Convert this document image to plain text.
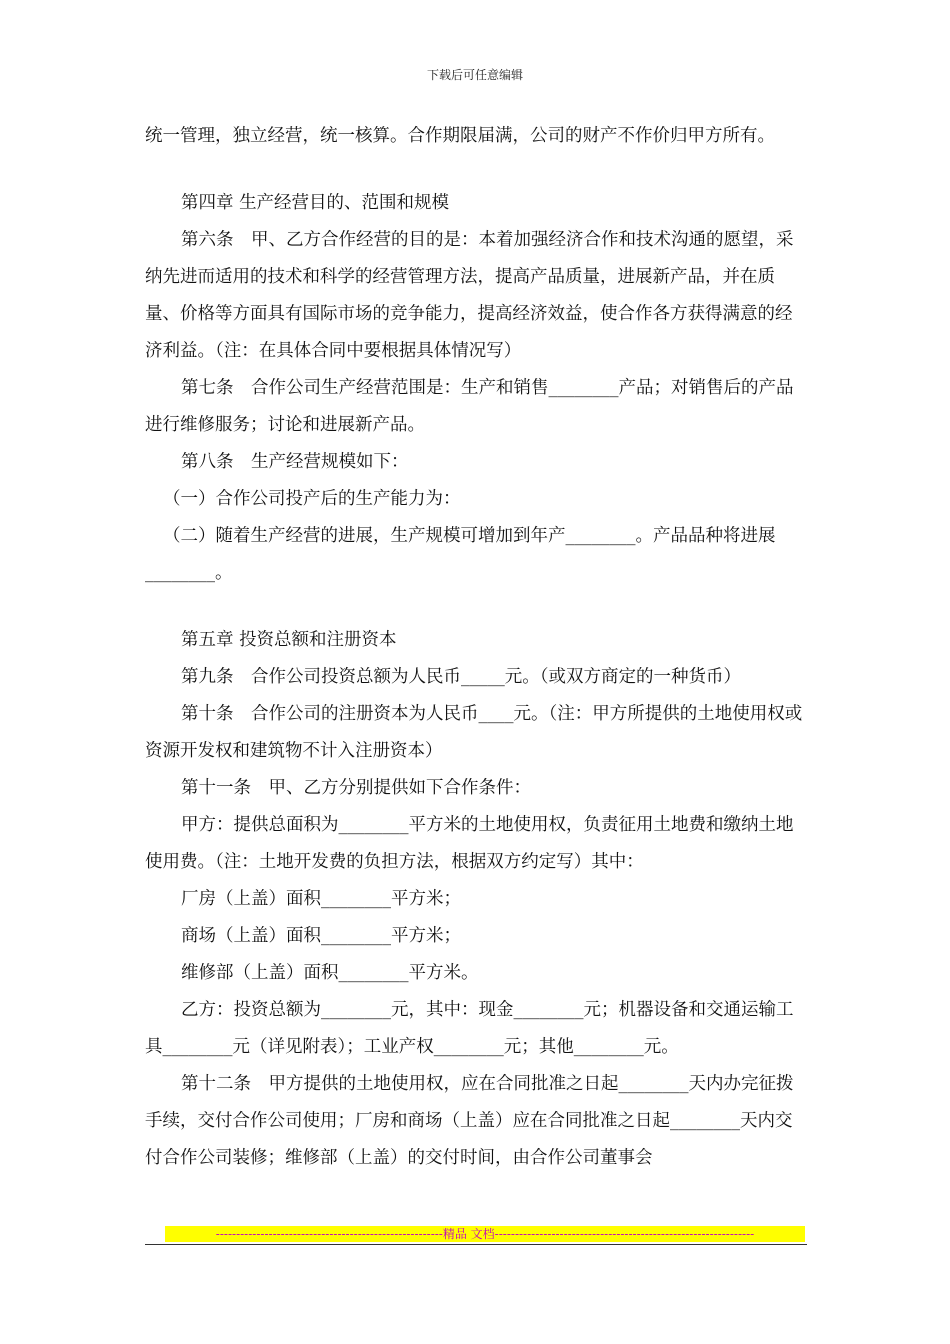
下载后可任意编辑

统一管理，独立经营，统一核算。合作期限届满，公司的财产不作价归甲方所有。

第四章 生产经营目的、范围和规模

第六条　甲、乙方合作经营的目的是：本着加强经济合作和技术沟通的愿望，采纳先进而适用的技术和科学的经营管理方法，提高产品质量，进展新产品，并在质量、价格等方面具有国际市场的竞争能力，提高经济效益，使合作各方获得满意的经济利益。（注：在具体合同中要根据具体情况写）

第七条　合作公司生产经营范围是：生产和销售________产品；对销售后的产品进行维修服务；讨论和进展新产品。

第八条　生产经营规模如下：

（一）合作公司投产后的生产能力为：

（二）随着生产经营的进展，生产规模可增加到年产________。产品品种将进展________。

第五章 投资总额和注册资本

第九条　合作公司投资总额为人民币_____元。（或双方商定的一种货币）

第十条　合作公司的注册资本为人民币____元。（注：甲方所提供的土地使用权或资源开发权和建筑物不计入注册资本）

第十一条　甲、乙方分别提供如下合作条件：

甲方：提供总面积为________平方米的土地使用权，负责征用土地费和缴纳土地使用费。（注：土地开发费的负担方法，根据双方约定写）其中：

厂房（上盖）面积________平方米；

商场（上盖）面积________平方米；

维修部（上盖）面积________平方米。

乙方：投资总额为________元，其中：现金________元；机器设备和交通运输工具________元（详见附表）；工业产权________元；其他________元。

第十二条　甲方提供的土地使用权，应在合同批准之日起________天内办完征拨手续，交付合作公司使用；厂房和商场（上盖）应在合同批准之日起________天内交付合作公司装修；维修部（上盖）的交付时间，由合作公司董事会

--------------------------------------------------------精品 文档----------------------------------------------------------------
